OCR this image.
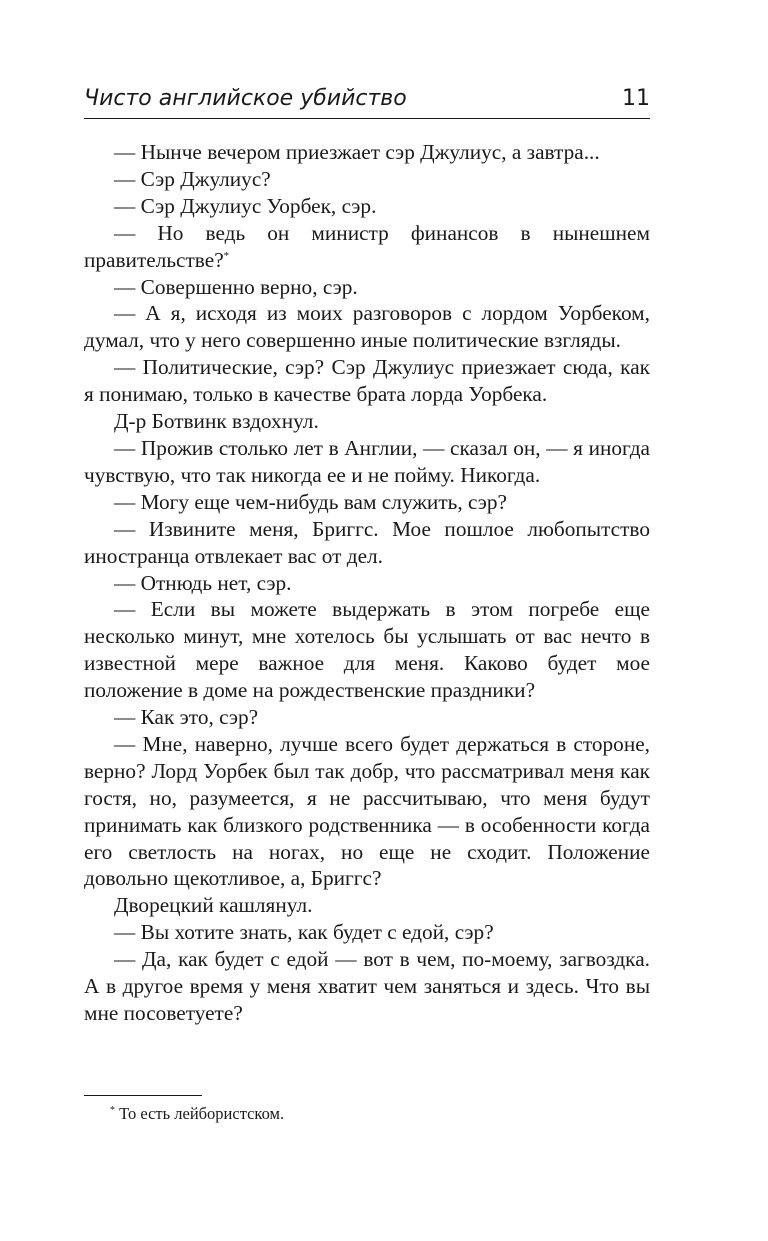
Чисто английское убийство	11

— Нынче вечером приезжает сэр Джулиус, а завтра...

— Сэр Джулиус?

— Сэр Джулиус Уорбек, сэр.

— Но ведь он министр финансов в нынешнем правительстве?*

— Совершенно верно, сэр.

— А я, исходя из моих разговоров с лордом Уорбеком, думал, что у него совершенно иные политические взгляды.

— Политические, сэр? Сэр Джулиус приезжает сюда, как я понимаю, только в качестве брата лорда Уорбека.

Д-р Ботвинк вздохнул.

— Прожив столько лет в Англии, — сказал он, — я иногда чувствую, что так никогда ее и не пойму. Никогда.

— Могу еще чем-нибудь вам служить, сэр?

— Извините меня, Бриггс. Мое пошлое любопытство иностранца отвлекает вас от дел.

— Отнюдь нет, сэр.

— Если вы можете выдержать в этом погребе еще несколько минут, мне хотелось бы услышать от вас нечто в известной мере важное для меня. Каково будет мое положение в доме на рождественские праздники?

— Как это, сэр?

— Мне, наверно, лучше всего будет держаться в стороне, верно? Лорд Уорбек был так добр, что рассматривал меня как гостя, но, разумеется, я не рассчитываю, что меня будут принимать как близкого родственника — в особенности когда его светлость на ногах, но еще не сходит. Положение довольно щекотливое, а, Бриггс?

Дворецкий кашлянул.

— Вы хотите знать, как будет с едой, сэр?

— Да, как будет с едой — вот в чем, по-моему, загвоздка. А в другое время у меня хватит чем заняться и здесь. Что вы мне посоветуете?

* То есть лейбористском.
